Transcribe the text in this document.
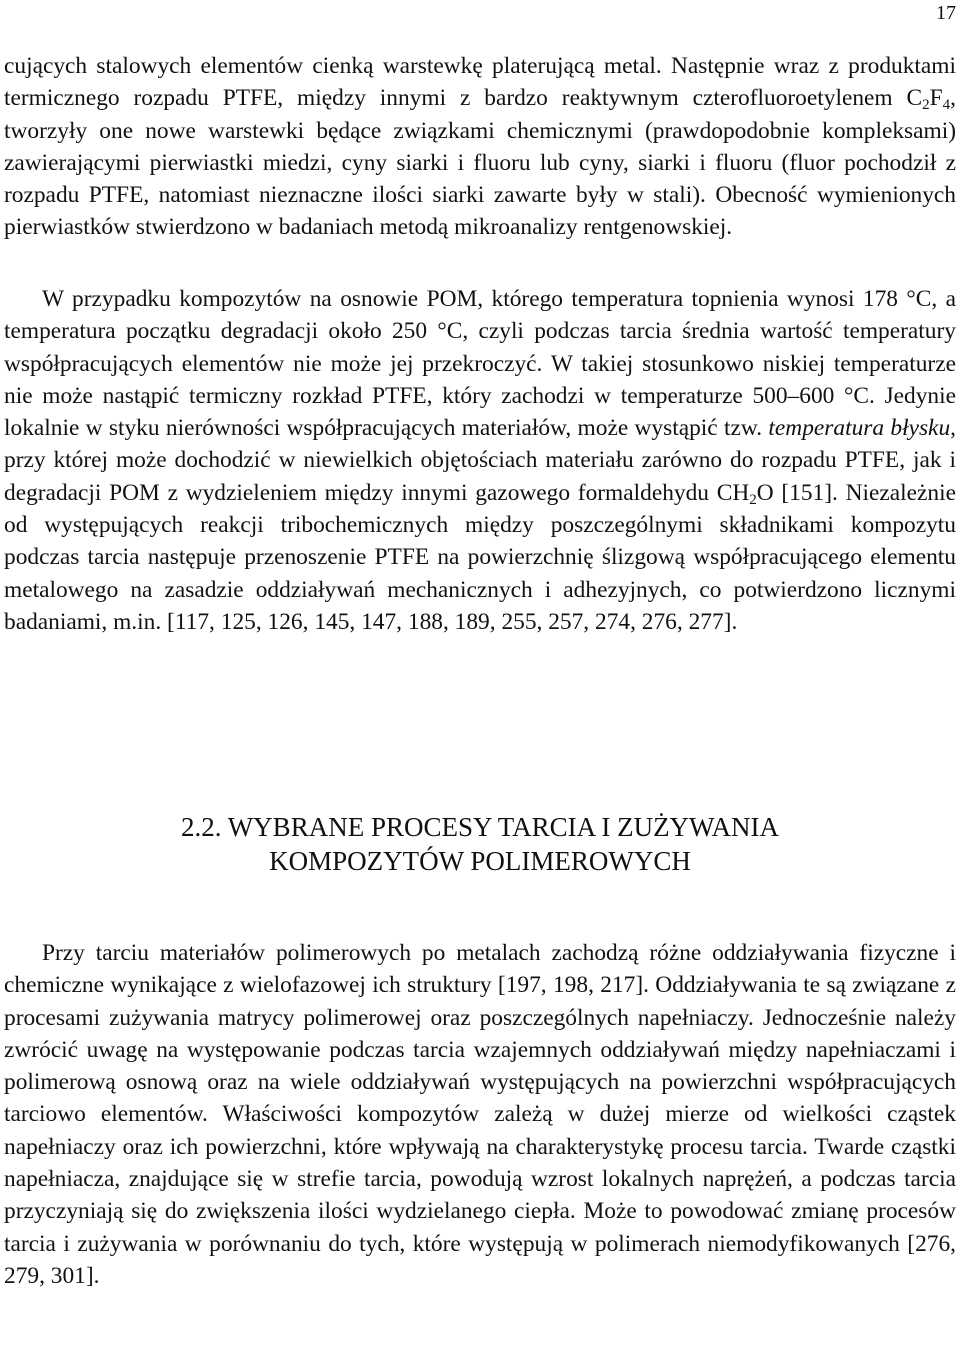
17

cujących stalowych elementów cienką warstewkę platerującą metal. Następnie wraz z produktami termicznego rozpadu PTFE, między innymi z bardzo reaktywnym czterofluoroetylenem $C_2F_4$, tworzyły one nowe warstewki będące związkami chemicznymi (prawdopodobnie kompleksami) zawierającymi pierwiastki miedzi, cyny siarki i fluoru lub cyny, siarki i fluoru (fluor pochodził z rozpadu PTFE, natomiast nieznaczne ilości siarki zawarte były w stali). Obecność wymienionych pierwiastków stwierdzono w badaniach metodą mikroanalizy rentgenowskiej.

W przypadku kompozytów na osnowie POM, którego temperatura topnienia wynosi 178 °C, a temperatura początku degradacji około 250 °C, czyli podczas tarcia średnia wartość temperatury współpracujących elementów nie może jej przekroczyć. W takiej stosunkowo niskiej temperaturze nie może nastąpić termiczny rozkład PTFE, który zachodzi w temperaturze 500–600 °C. Jedynie lokalnie w styku nierówności współpracujących materiałów, może wystąpić tzw. temperatura błysku, przy której może dochodzić w niewielkich objętościach materiału zarówno do rozpadu PTFE, jak i degradacji POM z wydzieleniem między innymi gazowego formaldehydu $CH_2O$ [151]. Niezależnie od występujących reakcji tribochemicznych między poszczególnymi składnikami kompozytu podczas tarcia następuje przenoszenie PTFE na powierzchnię ślizgową współpracującego elementu metalowego na zasadzie oddziaływań mechanicznych i adhezyjnych, co potwierdzono licznymi badaniami, m.in. [117, 125, 126, 145, 147, 188, 189, 255, 257, 274, 276, 277].

2.2. WYBRANE PROCESY TARCIA I ZUŻYWANIA
KOMPOZYTÓW POLIMEROWYCH

Przy tarciu materiałów polimerowych po metalach zachodzą różne oddziaływania fizyczne i chemiczne wynikające z wielofazowej ich struktury [197, 198, 217]. Oddziaływania te są związane z procesami zużywania matrycy polimerowej oraz poszczególnych napełniaczy. Jednocześnie należy zwrócić uwagę na występowanie podczas tarcia wzajemnych oddziaływań między napełniaczami i polimerową osnową oraz na wiele oddziaływań występujących na powierzchni współpracujących tarciowo elementów. Właściwości kompozytów zależą w dużej mierze od wielkości cząstek napełniaczy oraz ich powierzchni, które wpływają na charakterystykę procesu tarcia. Twarde cząstki napełniacza, znajdujące się w strefie tarcia, powodują wzrost lokalnych naprężeń, a podczas tarcia przyczyniają się do zwiększenia ilości wydzielanego ciepła. Może to powodować zmianę procesów tarcia i zużywania w porównaniu do tych, które występują w polimerach niemodyfikowanych [276, 279, 301].
